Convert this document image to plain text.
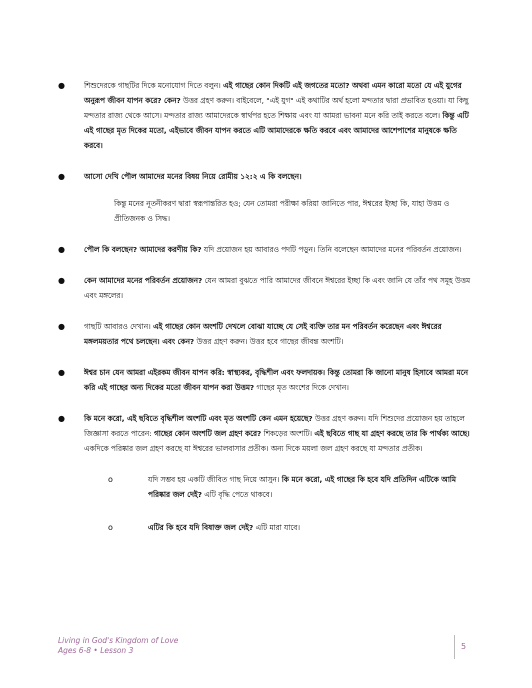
●	শিশুদেরকে গাছটির দিকে মনোযোগ দিতে বলুন। এই গাছের কোন দিকটি এই জগতের মতো? অথবা এমন কারো মতো যে এই যুগের অনুরূপ জীবন যাপন করে? কেন? উত্তর গ্রহণ করুন। বাইবেলে, "এই যুগ" এই কথাটির অর্থ হলো মন্দতার দ্বারা প্রভাবিত হওয়া। যা কিছু মন্দতার রাজ্য থেকে আসে। মন্দতার রাজ্য আমাদেরকে স্বার্থপর হতে শিক্ষায় এবং যা আমরা ভাবনা মনে করি তাই করতে বলে। কিন্তু এটি এই গাছের মৃত দিকের মতো, এইভাবে জীবন যাপন করতে এটি আমাদেরকে ক্ষতি করবে এবং আমাদের আশেপাশের মানুষকে ক্ষতি করবে।
●	আসো দেখি পৌল আমাদের মনের বিষয় নিয়ে রোমীয় ১২:২ এ কি বলছেন।
কিন্তু মনের নূতনীকরণ দ্বারা স্বরূপান্তরিত হও; যেন তোমরা পরীক্ষা করিয়া জানিতে পার, ঈশ্বরের ইচ্ছা কি, যাহা উত্তম ও প্রীতিজনক ও সিদ্ধ।
●	পৌল কি বলছেন? আমাদের করণীয় কি? যদি প্রয়োজন হয় আবারও পদটি পড়ুন। তিনি বলেছেন আমাদের মনের পরিবর্তন প্রয়োজন।
●	কেন আমাদের মনের পরিবর্তন প্রয়োজন? যেন আমরা বুঝতে পারি আমাদের জীবনে ঈশ্বরের ইচ্ছা কি এবং জানি যে তাঁর পথ সমূহ উত্তম এবং মঙ্গলের।
●	গাছটি আবারও দেখান। এই গাছের কোন অংশটি দেখলে বোঝা যাচ্ছে যে সেই ব্যক্তি তার মন পরিবর্তন করেছেন এবং ঈশ্বরের মঙ্গলময়তার পথে চলছেন। এবং কেন? উত্তর গ্রহণ করুন। উত্তর হবে গাছের জীবন্ত অংশটি।
●	ঈশ্বর চান যেন আমরা এইরকম জীবন যাপন করি: স্বাস্থ্যকর, বৃদ্ধিশীল এবং ফলদায়ক। কিন্তু তোমরা কি জানো মানুষ হিসাবে আমরা মনে করি এই গাছের অন্য দিকের মতো জীবন যাপন করা উত্তম? গাছের মৃত অংশের দিকে দেখান।
●	কি মনে করো, এই ছবিতে বৃদ্ধিশীল অংশটি এবং মৃত অংশটি কেন এমন হয়েছে? উত্তর গ্রহণ করুন। যদি শিশুদের প্রয়োজন হয় তাহলে জিজ্ঞাসা করতে পারেন: গাছের কোন অংশটি জল গ্রহণ করে? শিকড়ের অংশটি। এই ছবিতে গাছ যা গ্রহণ করছে তার কি পার্থক্য আছে। একদিকে পরিষ্কার জল গ্রহণ করছে যা ঈশ্বরের ভালবাসার প্রতীক। অন্য দিকে ময়লা জল গ্রহণ করছে যা মন্দতার প্রতীক।
o	যদি সম্ভব হয় একটি জীবিত গাছ নিয়ে আসুন। কি মনে করো, এই গাছের কি হবে যদি প্রতিদিন এটিকে আমি পরিষ্কার জল দেই? এটি বৃদ্ধি পেতে থাকবে।
o	এটির কি হবে যদি বিষাক্ত জল দেই? এটি মারা যাবে।
Living in God's Kingdom of Love
Ages 6-8 • Lesson 3	5
